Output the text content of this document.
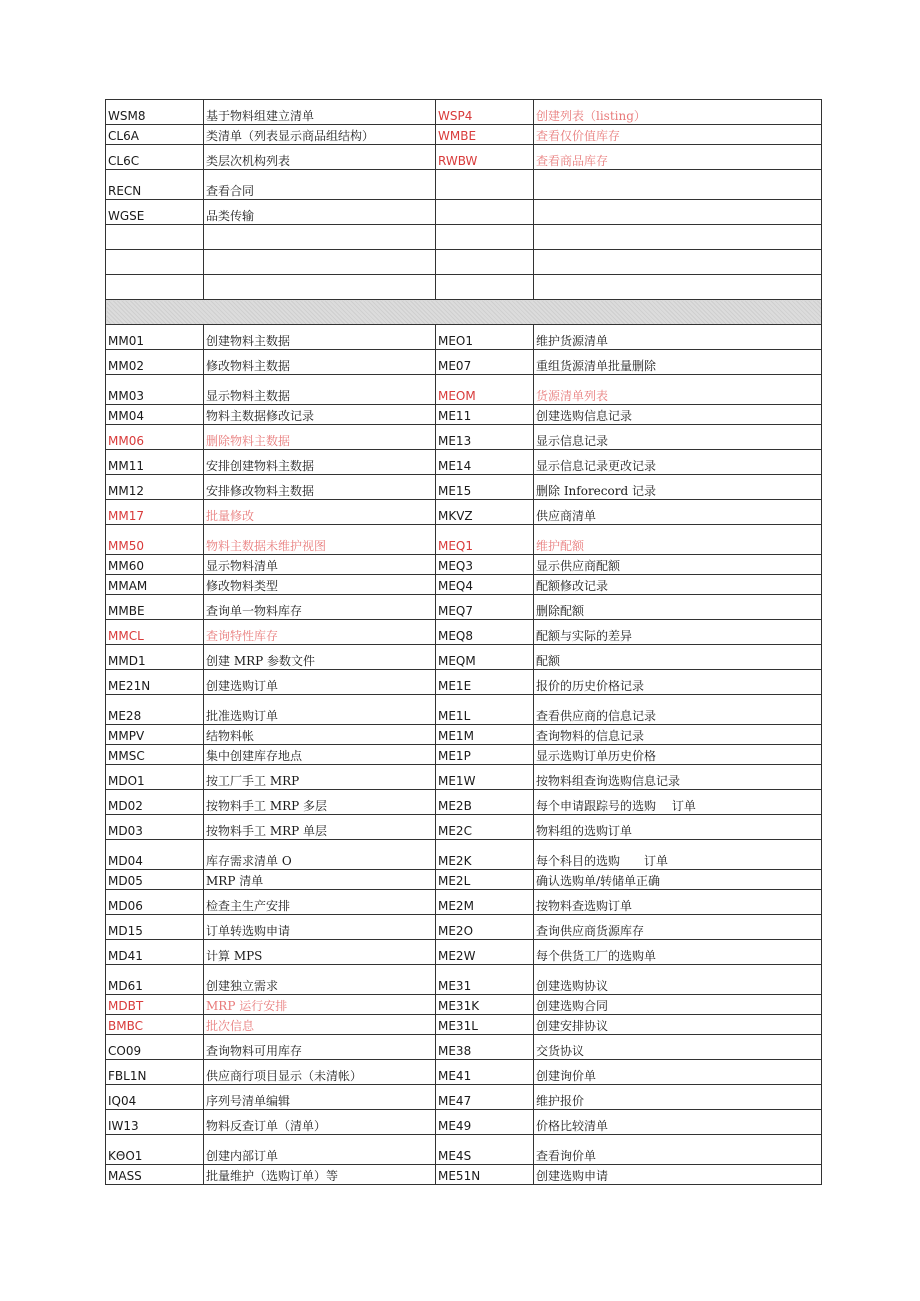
WSM8	基于物料组建立清单	WSP4	创建列表（listing）
CL6A	类清单（列表显示商品组结构）	WMBE	查看仅价值库存
CL6C	类层次机构列表	RWBW	查看商品库存
RECN	查看合同		
WGSE	品类传输		

MM01	创建物料主数据	MEO1	维护货源清单
MM02	修改物料主数据	ME07	重组货源清单批量删除
MM03	显示物料主数据	MEOM	货源清单列表
MM04	物料主数据修改记录	ME11	创建选购信息记录
MM06	删除物料主数据	ME13	显示信息记录
MM11	安排创建物料主数据	ME14	显示信息记录更改记录
MM12	安排修改物料主数据	ME15	删除 Inforecord 记录
MM17	批量修改	MKVZ	供应商清单
MM50	物料主数据未维护视图	MEQ1	维护配额
MM60	显示物料清单	MEQ3	显示供应商配额
MMAM	修改物料类型	MEQ4	配额修改记录
MMBE	查询单一物料库存	MEQ7	删除配额
MMCL	查询特性库存	MEQ8	配额与实际的差异
MMD1	创建 MRP 参数文件	MEQM	配额
ME21N	创建选购订单	ME1E	报价的历史价格记录
ME28	批准选购订单	ME1L	查看供应商的信息记录
MMPV	结物料帐	ME1M	查询物料的信息记录
MMSC	集中创建库存地点	ME1P	显示选购订单历史价格
MDO1	按工厂手工 MRP	ME1W	按物料组查询选购信息记录
MD02	按物料手工 MRP 多层	ME2B	每个申请跟踪号的选购　 订单
MD03	按物料手工 MRP 单层	ME2C	物料组的选购订单
MD04	库存需求清单 O	ME2K	每个科目的选购　　订单
MD05	MRP 清单	ME2L	确认选购单/转储单正确
MD06	检查主生产安排	ME2M	按物料查选购订单
MD15	订单转选购申请	ME2O	查询供应商货源库存
MD41	计算 MPS	ME2W	每个供货工厂的选购单
MD61	创建独立需求	ME31	创建选购协议
MDBT	MRP 运行安排	ME31K	创建选购合同
BMBC	批次信息	ME31L	创建安排协议
CO09	查询物料可用库存	ME38	交货协议
FBL1N	供应商行项目显示（未清帐）	ME41	创建询价单
IQ04	序列号清单编辑	ME47	维护报价
IW13	物料反查订单（清单）	ME49	价格比较清单
KΘO1	创建内部订单	ME4S	查看询价单
MASS	批量维护（选购订单）等	ME51N	创建选购申请
